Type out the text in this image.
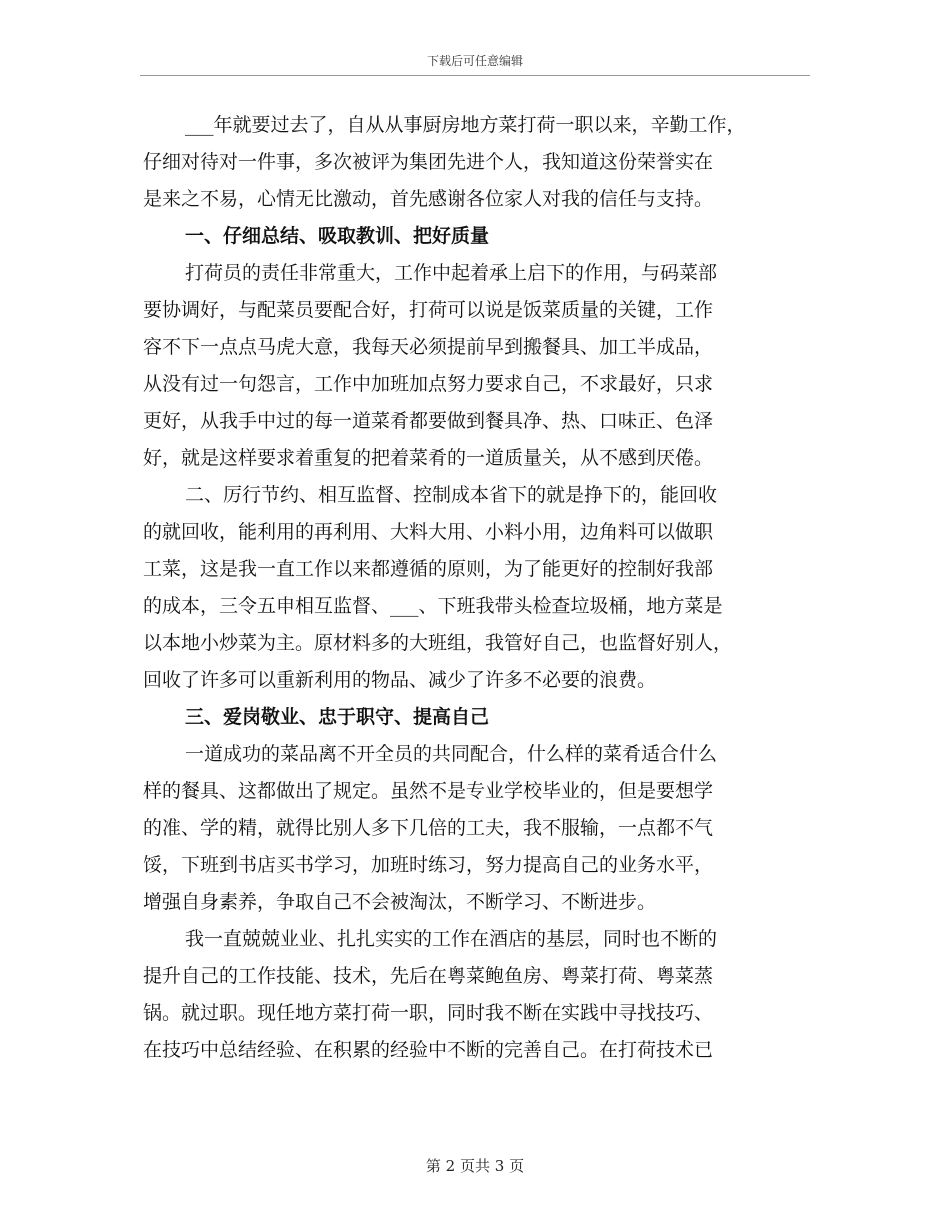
下载后可任意编辑
___年就要过去了，自从从事厨房地方菜打荷一职以来，辛勤工作，
仔细对待对一件事，多次被评为集团先进个人，我知道这份荣誉实在
是来之不易，心情无比激动，首先感谢各位家人对我的信任与支持。
一、仔细总结、吸取教训、把好质量
打荷员的责任非常重大，工作中起着承上启下的作用，与码菜部
要协调好，与配菜员要配合好，打荷可以说是饭菜质量的关键，工作
容不下一点点马虎大意，我每天必须提前早到搬餐具、加工半成品，
从没有过一句怨言，工作中加班加点努力要求自己，不求最好，只求
更好，从我手中过的每一道菜肴都要做到餐具净、热、口味正、色泽
好，就是这样要求着重复的把着菜肴的一道质量关，从不感到厌倦。
二、厉行节约、相互监督、控制成本省下的就是挣下的，能回收
的就回收，能利用的再利用、大料大用、小料小用，边角料可以做职
工菜，这是我一直工作以来都遵循的原则，为了能更好的控制好我部
的成本，三令五申相互监督、___、下班我带头检查垃圾桶，地方菜是
以本地小炒菜为主。原材料多的大班组，我管好自己，也监督好别人，
回收了许多可以重新利用的物品、减少了许多不必要的浪费。
三、爱岗敬业、忠于职守、提高自己
一道成功的菜品离不开全员的共同配合，什么样的菜肴适合什么
样的餐具、这都做出了规定。虽然不是专业学校毕业的，但是要想学
的准、学的精，就得比别人多下几倍的工夫，我不服输，一点都不气
馁，下班到书店买书学习，加班时练习，努力提高自己的业务水平，
增强自身素养，争取自己不会被淘汰，不断学习、不断进步。
我一直兢兢业业、扎扎实实的工作在酒店的基层，同时也不断的
提升自己的工作技能、技术，先后在粤菜鲍鱼房、粤菜打荷、粤菜蒸
锅。就过职。现任地方菜打荷一职，同时我不断在实践中寻找技巧、
在技巧中总结经验、在积累的经验中不断的完善自己。在打荷技术已
第 2 页共 3 页
